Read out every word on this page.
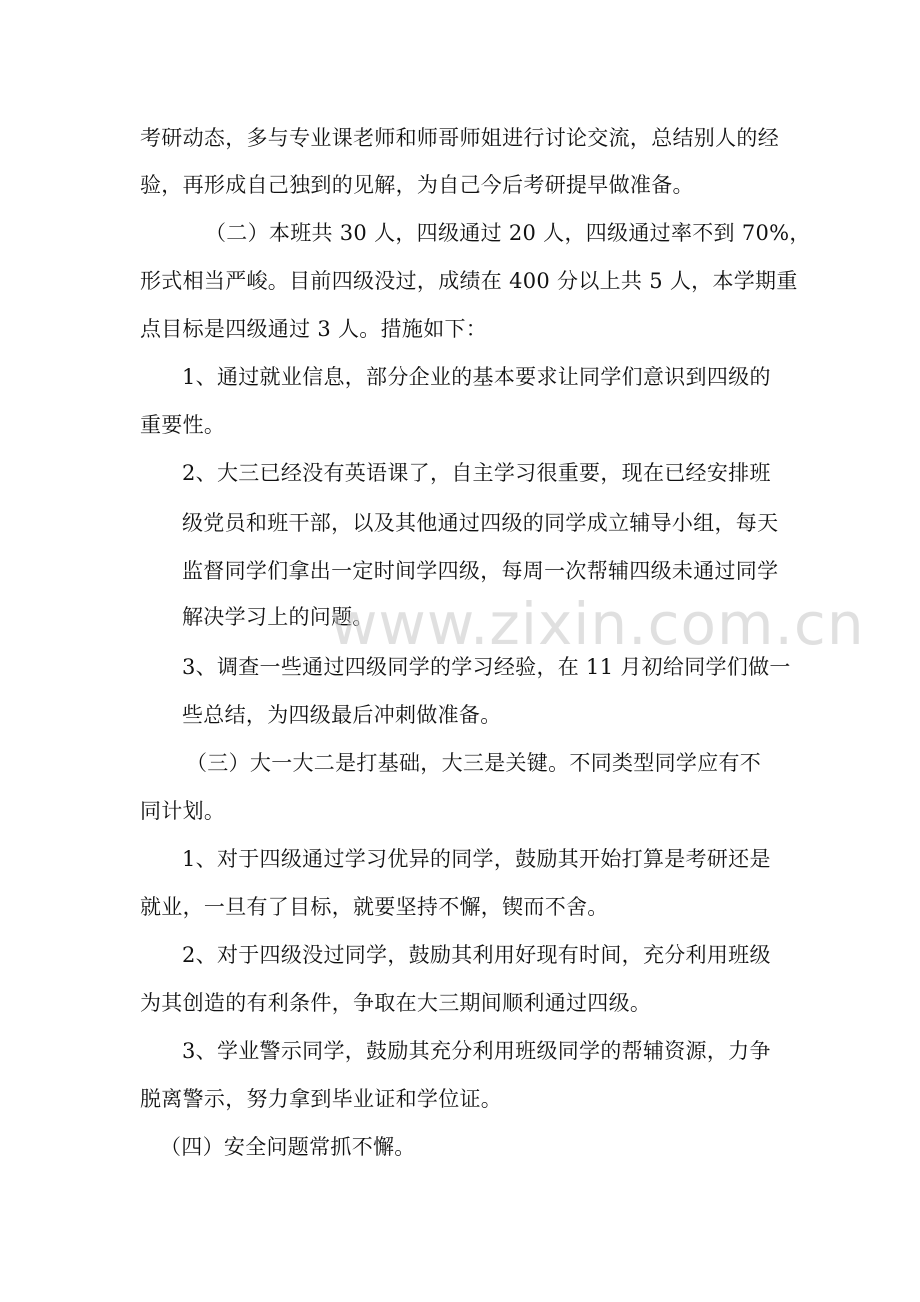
考研动态，多与专业课老师和师哥师姐进行讨论交流，总结别人的经
验，再形成自己独到的见解，为自己今后考研提早做准备。
（二）本班共 30 人，四级通过 20 人，四级通过率不到 70%，
形式相当严峻。目前四级没过，成绩在 400 分以上共 5 人，本学期重
点目标是四级通过 3 人。措施如下：
1、通过就业信息，部分企业的基本要求让同学们意识到四级的
重要性。
2、大三已经没有英语课了，自主学习很重要，现在已经安排班
级党员和班干部，以及其他通过四级的同学成立辅导小组，每天
监督同学们拿出一定时间学四级，每周一次帮辅四级未通过同学
解决学习上的问题。
3、调查一些通过四级同学的学习经验，在 11 月初给同学们做一
些总结，为四级最后冲刺做准备。
（三）大一大二是打基础，大三是关键。不同类型同学应有不
同计划。
1、对于四级通过学习优异的同学，鼓励其开始打算是考研还是
就业，一旦有了目标，就要坚持不懈，锲而不舍。
2、对于四级没过同学，鼓励其利用好现有时间，充分利用班级
为其创造的有利条件，争取在大三期间顺利通过四级。
3、学业警示同学，鼓励其充分利用班级同学的帮辅资源，力争
脱离警示，努力拿到毕业证和学位证。
（四）安全问题常抓不懈。
www.zixin.com.cn
